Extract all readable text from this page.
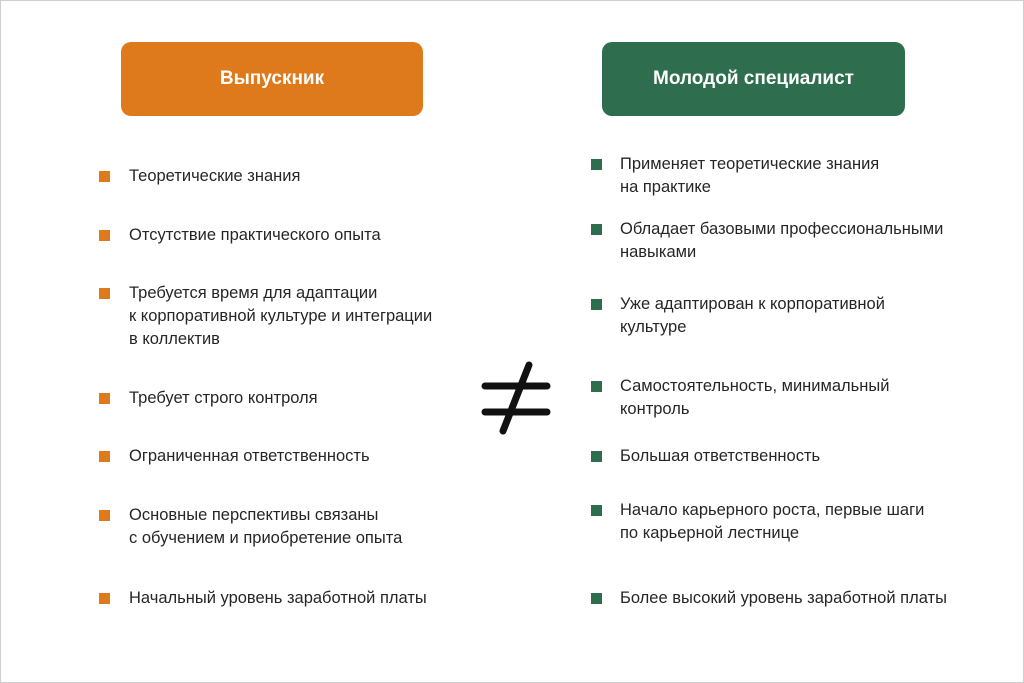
Выпускник	Молодой специалист
Теоретические знания
Отсутствие практического опыта
Требуется время для адаптации
к корпоративной культуре и интеграции
в коллектив
Требует строго контроля
Ограниченная ответственность
Основные перспективы связаны
с обучением и приобретение опыта
Начальный уровень заработной платы
Применяет теоретические знания
на практике
Обладает базовыми профессиональными
навыками
Уже адаптирован к корпоративной
культуре
Самостоятельность, минимальный
контроль
Большая ответственность
Начало карьерного роста, первые шаги
по карьерной лестнице
Более высокий уровень заработной платы
